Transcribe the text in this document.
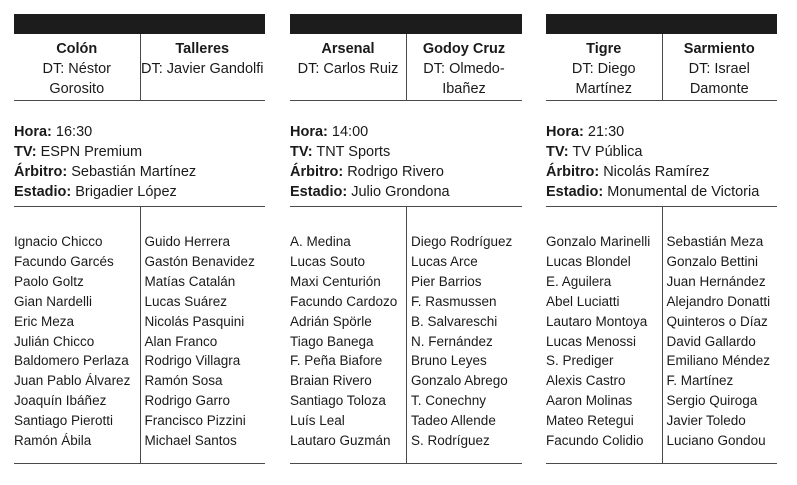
Colón
DT: Néstor Gorosito
Talleres
DT: Javier Gandolfi
Hora: 16:30
TV: ESPN Premium
Árbitro: Sebastián Martínez
Estadio: Brigadier López
Ignacio Chicco
Facundo Garcés
Paolo Goltz
Gian Nardelli
Eric Meza
Julián Chicco
Baldomero Perlaza
Juan Pablo Álvarez
Joaquín Ibáñez
Santiago Pierotti
Ramón Ábila
Guido Herrera
Gastón Benavidez
Matías Catalán
Lucas Suárez
Nicolás Pasquini
Alan Franco
Rodrigo Villagra
Ramón Sosa
Rodrigo Garro
Francisco Pizzini
Michael Santos
Arsenal
DT: Carlos Ruiz
Godoy Cruz
DT: Olmedo-Ibañez
Hora: 14:00
TV: TNT Sports
Árbitro: Rodrigo Rivero
Estadio: Julio Grondona
A. Medina
Lucas Souto
Maxi Centurión
Facundo Cardozo
Adrián Spörle
Tiago Banega
F. Peña Biafore
Braian Rivero
Santiago Toloza
Luís Leal
Lautaro Guzmán
Diego Rodríguez
Lucas Arce
Pier Barrios
F. Rasmussen
B. Salvareschi
N. Fernández
Bruno Leyes
Gonzalo Abrego
T. Conechny
Tadeo Allende
S. Rodríguez
Tigre
DT: Diego Martínez
Sarmiento
DT: Israel Damonte
Hora: 21:30
TV: TV Pública
Árbitro: Nicolás Ramírez
Estadio: Monumental de Victoria
Gonzalo Marinelli
Lucas Blondel
E. Aguilera
Abel Luciatti
Lautaro Montoya
Lucas Menossi
S. Prediger
Alexis Castro
Aaron Molinas
Mateo Retegui
Facundo Colidio
Sebastián Meza
Gonzalo Bettini
Juan Hernández
Alejandro Donatti
Quinteros o Díaz
David Gallardo
Emiliano Méndez
F. Martínez
Sergio Quiroga
Javier Toledo
Luciano Gondou
